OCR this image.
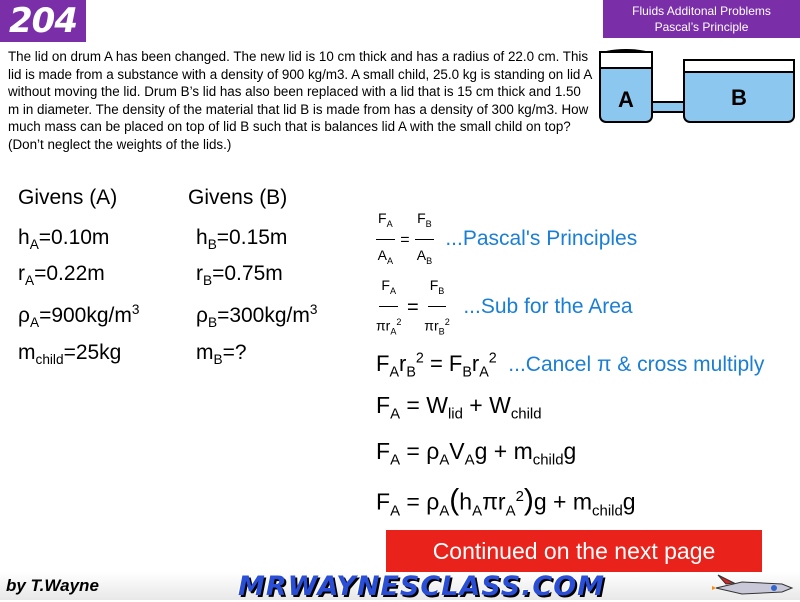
204	Fluids Additonal Problems
Pascal’s Principle
The lid on drum A has been changed. The new lid is 10 cm thick and has a radius of 22.0 cm. This lid is made from a substance with a density of 900 kg/m3. A small child, 25.0 kg is standing on lid A without moving the lid. Drum B’s lid has also been replaced with a lid that is 15 cm thick and 1.50 m in diameter. The density of the material that lid B is made from has a density of 300 kg/m3. How much mass can be placed on top of lid B such that is balances lid A with the small child on top? (Don’t neglect the weights of the lids.)
A	B
Givens (A)
$h_A=0.10m$
$r_A=0.22m$
$\rho_A=900kg/m^3$
$m_{child}=25kg$
Givens (B)
$h_B=0.15m$
$r_B=0.75m$
$\rho_B=300kg/m^3$
$m_B=$?
$\frac{F_A}{A_A} = \frac{F_B}{A_B}$ ...Pascal's Principles
$\frac{F_A}{\pi r_A^2} = \frac{F_B}{\pi r_B^2} ...Sub$ for the Area
$F_Ar_B^2 = F_Br_A^2$ ...Cancel π & cross multiply
$F_A = W_{lid} + W_{child}$
$F_A = \rho_AV_Ag + m_{child}g$
$F_A = \rho_A(h_A\pi r_A^2)g + m_{child}g$
Continued on the next page
by T.Wayne	MRWAYNESCLASS.COM
